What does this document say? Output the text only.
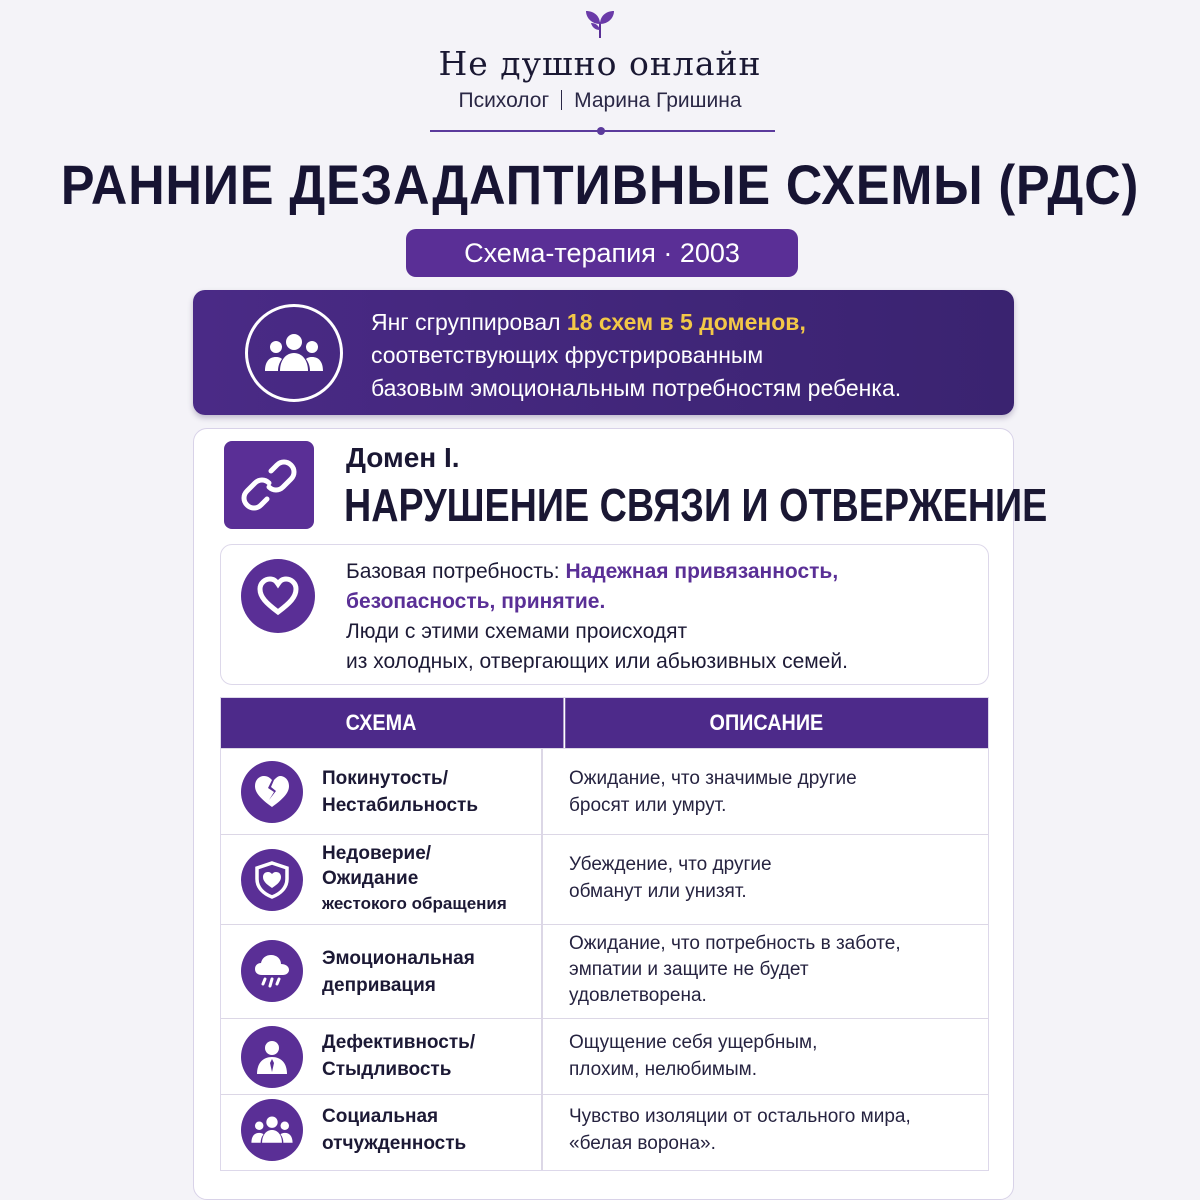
Не душно онлайн
Психолог Марина Гришина
РАННИЕ ДЕЗАДАПТИВНЫЕ СХЕМЫ (РДС)
Схема-терапия · 2003
Янг сгруппировал 18 схем в 5 доменов,
соответствующих фрустрированным
базовым эмоциональным потребностям ребенка.
Домен I.
НАРУШЕНИЕ СВЯЗИ И ОТВЕРЖЕНИЕ
Базовая потребность: Надежная привязанность,
безопасность, принятие.
Люди с этими схемами происходят
из холодных, отвергающих или абьюзивных семей.
СХЕМА	ОПИСАНИЕ
Покинутость/
Нестабильность
Ожидание, что значимые другие
бросят или умрут.
Недоверие/
Ожидание
жестокого обращения
Убеждение, что другие
обманут или унизят.
Эмоциональная
депривация
Ожидание, что потребность в заботе,
эмпатии и защите не будет
удовлетворена.
Дефективность/
Стыдливость
Ощущение себя ущербным,
плохим, нелюбимым.
Социальная
отчужденность
Чувство изоляции от остального мира,
«белая ворона».
